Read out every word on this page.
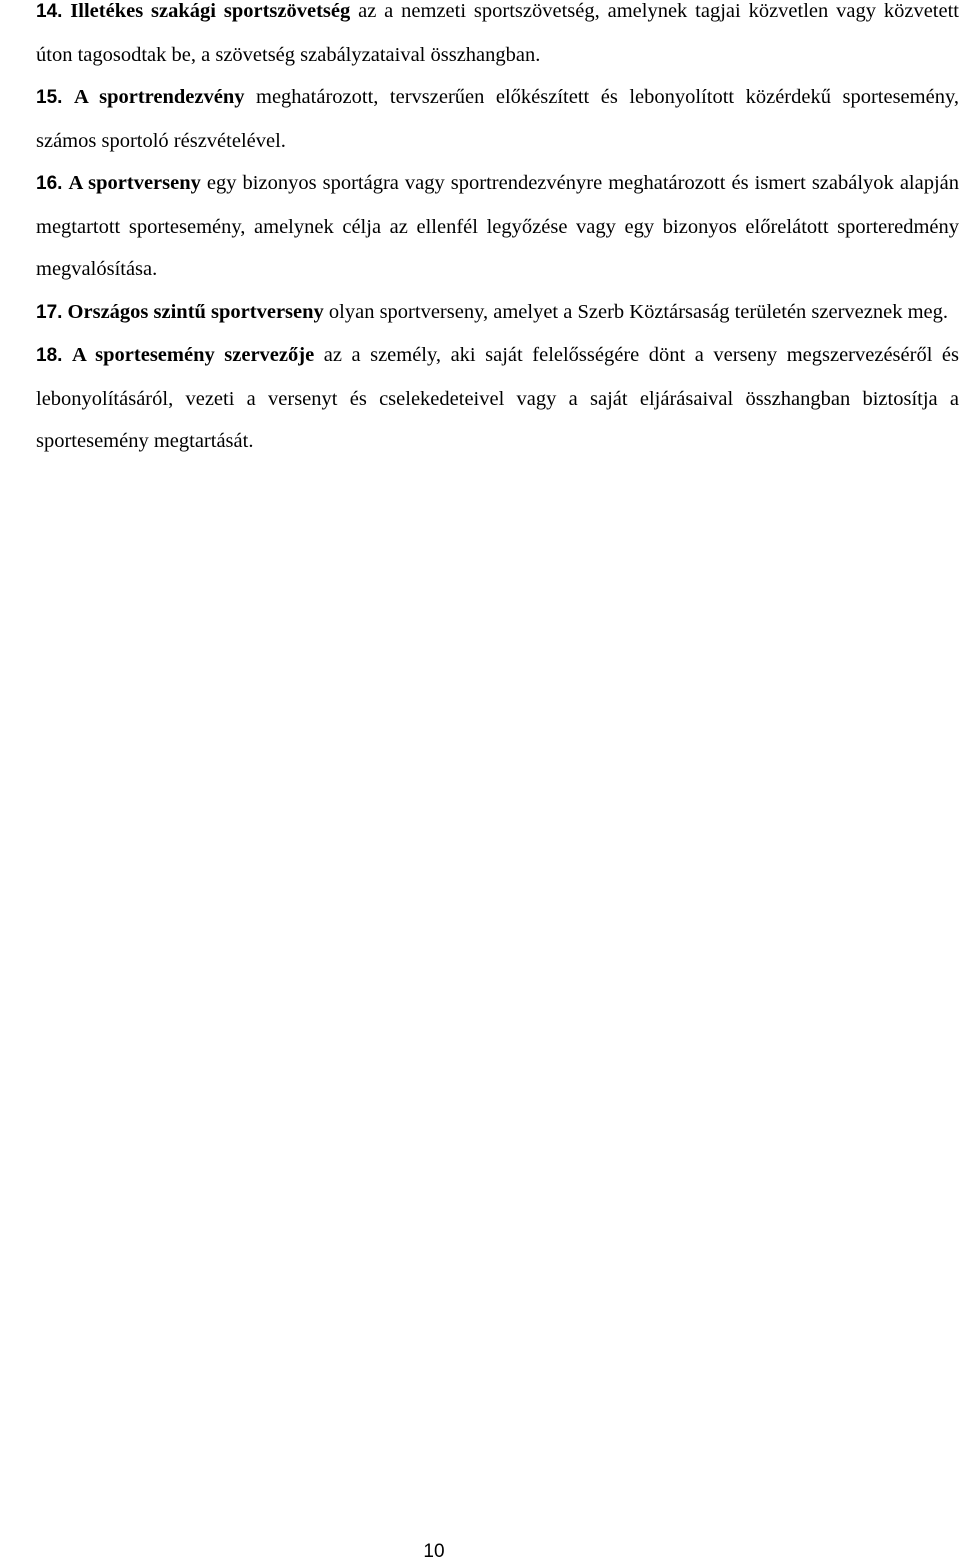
14. Illetékes szakági sportszövetség az a nemzeti sportszövetség, amelynek tagjai közvetlen vagy közvetett úton tagosodtak be, a szövetség szabályzataival összhangban.

15. A sportrendezvény meghatározott, tervszerűen előkészített és lebonyolított közérdekű sportesemény, számos sportoló részvételével.

16. A sportverseny egy bizonyos sportágra vagy sportrendezvényre meghatározott és ismert szabályok alapján megtartott sportesemény, amelynek célja az ellenfél legyőzése vagy egy bizonyos előrelátott sporteredmény megvalósítása.

17. Országos szintű sportverseny olyan sportverseny, amelyet a Szerb Köztársaság területén szerveznek meg.

18. A sportesemény szervezője az a személy, aki saját felelősségére dönt a verseny megszervezéséről és lebonyolításáról, vezeti a versenyt és cselekedeteivel vagy a saját eljárásaival összhangban biztosítja a sportesemény megtartását.

10
